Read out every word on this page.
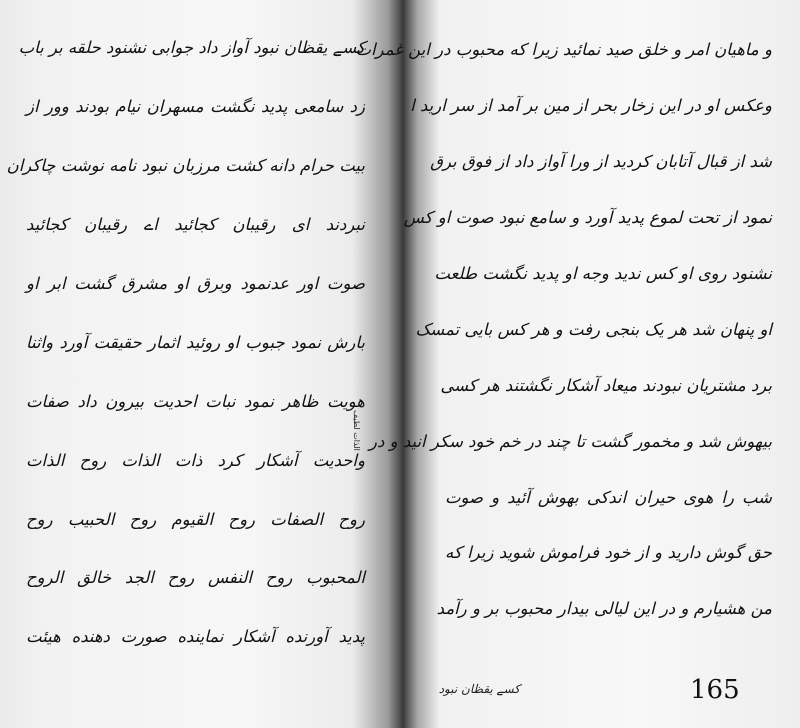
کسے یقظان نبود آواز داد جوابی نشنود حلقه بر باب
زد سامعی پدید نگشت مسهران نیام بودند وور از
بیت حرام دانه کشت مرزبان نبود نامه نوشت چاکران
نبردند ای رقیبان کجائید اے رقیبان کجائید
صوت اور عدنمود وبرق او مشرق گشت ابر او
بارش نمود جبوب او روئید اثمار حقیقت آورد واثنا
هویت ظاهر نمود نبات احدیت بیرون داد صفات
واحدیت آشکار کرد ذات الذات روح الذات
روح الصفات روح القیوم روح الحبیب روح
المحبوب روح النفس روح الجد خالق الروح
پدید آورنده آشکار نماینده صورت دهنده هیئت
الذات لطیف
و ماهیان امر و خلق صید نمائید زیرا که محبوب در این غمرات
وعکس او در این زخار بحر از مین بر آمد از سر ارید ا
شد از قبال آتابان کردید از ورا آواز داد از فوق برق
نمود از تحت لموع پدید آورد و سامع نبود صوت او کس
نشنود روی او کس ندید وجه او پدید نگشت طلعت
او پنهان شد هر یک بنجی رفت و هر کس بایی تمسک
برد مشتریان نبودند میعاد آشکار نگشتند هر کسی
بیهوش شد و مخمور گشت تا چند در خم خود سکر انید و در
شب را هوی حیران اندکی بهوش آئید و صوت
حق گوش دارید و از خود فراموش شوید زیرا که
من هشیارم و در این لیالی بیدار محبوب بر و رآمد
کسے یقظان نبود	165
